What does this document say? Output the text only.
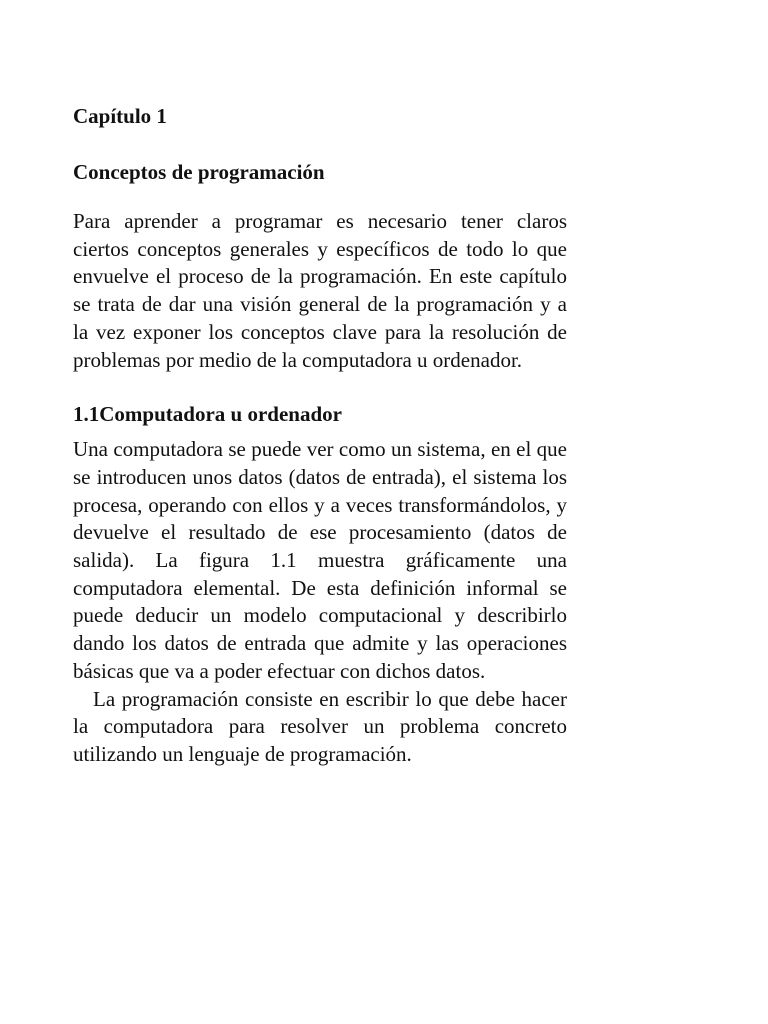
Capítulo 1
Conceptos de programación

Para aprender a programar es necesario tener claros ciertos conceptos generales y específicos de todo lo que envuelve el proceso de la programación. En este capítulo se trata de dar una visión general de la programación y a la vez exponer los conceptos clave para la resolución de problemas por medio de la computadora u ordenador.

1.1Computadora u ordenador

Una computadora se puede ver como un sistema, en el que se introducen unos datos (datos de entrada), el sistema los procesa, operando con ellos y a veces transformándolos, y devuelve el resultado de ese procesamiento (datos de salida). La figura 1.1 muestra gráficamente una computadora elemental. De esta definición informal se puede deducir un modelo computacional y describirlo dando los datos de entrada que admite y las operaciones básicas que va a poder efectuar con dichos datos.

La programación consiste en escribir lo que debe hacer la computadora para resolver un problema concreto utilizando un lenguaje de programación.
